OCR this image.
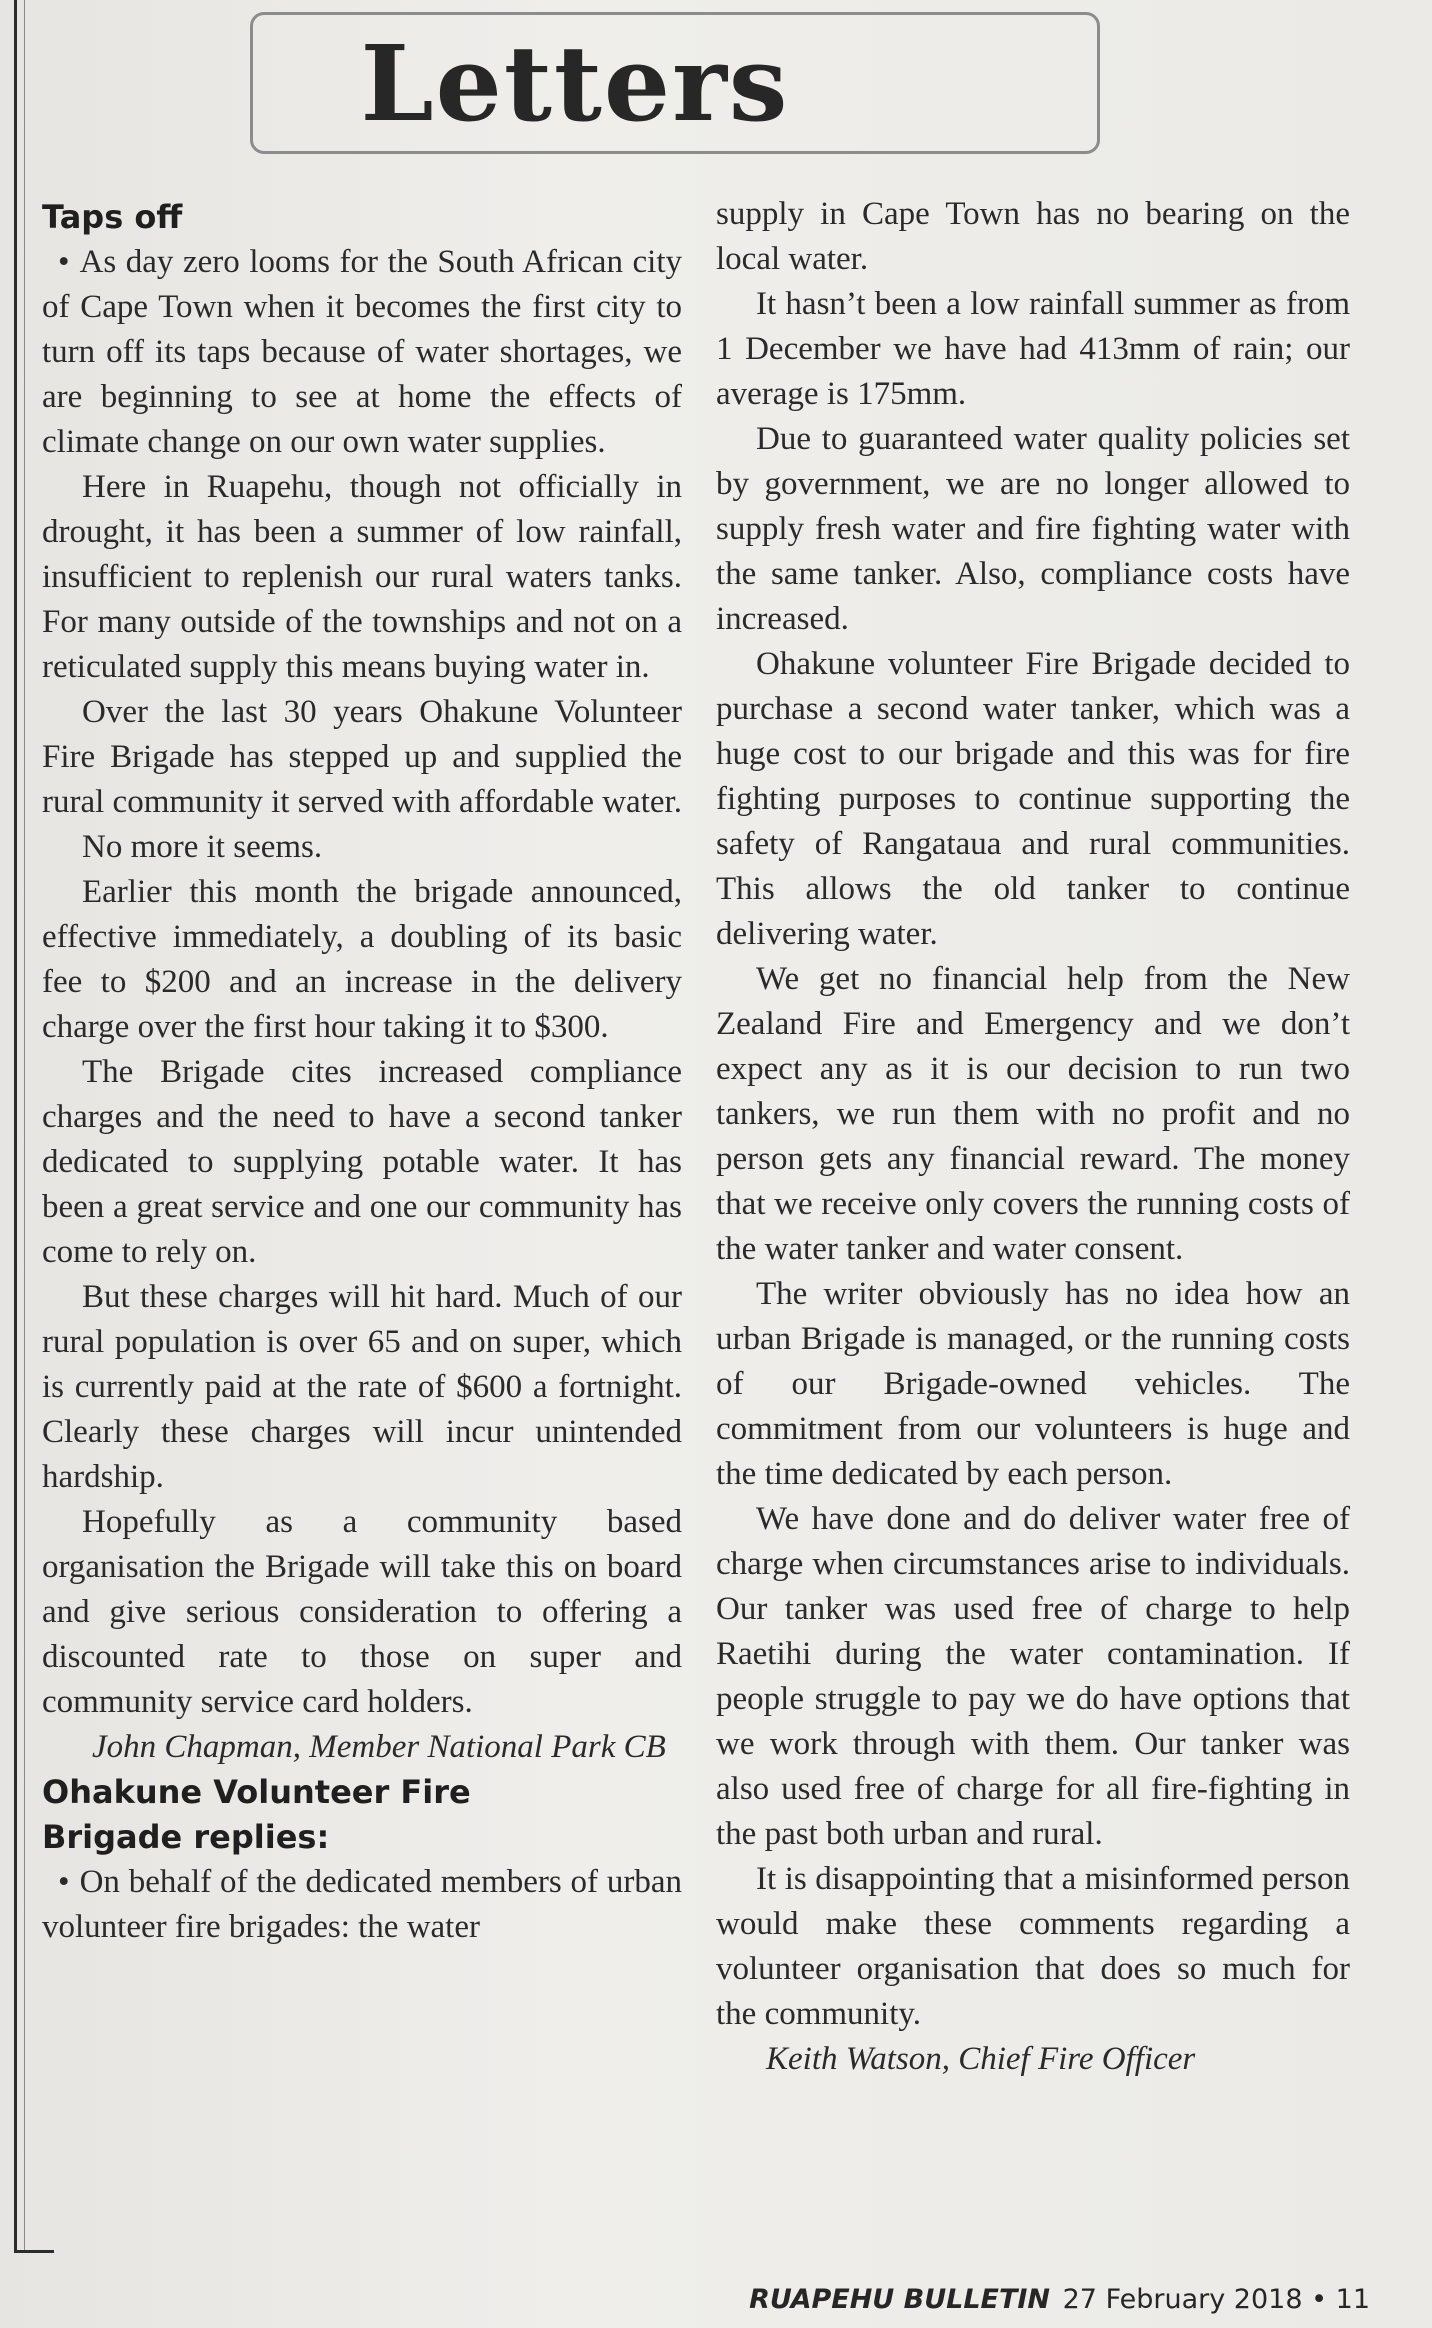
Letters
Taps off

• As day zero looms for the South African city of Cape Town when it becomes the first city to turn off its taps because of water shortages, we are beginning to see at home the effects of climate change on our own water supplies.

Here in Ruapehu, though not officially in drought, it has been a summer of low rainfall, insufficient to replenish our rural waters tanks. For many outside of the townships and not on a reticulated supply this means buying water in.

Over the last 30 years Ohakune Volunteer Fire Brigade has stepped up and supplied the rural community it served with affordable water.

No more it seems.

Earlier this month the brigade announced, effective immediately, a doubling of its basic fee to $200 and an increase in the delivery charge over the first hour taking it to $300.

The Brigade cites increased compliance charges and the need to have a second tanker dedicated to supplying potable water. It has been a great service and one our community has come to rely on.

But these charges will hit hard. Much of our rural population is over 65 and on super, which is currently paid at the rate of $600 a fortnight. Clearly these charges will incur unintended hardship.

Hopefully as a community based organisation the Brigade will take this on board and give serious consideration to offering a discounted rate to those on super and community service card holders.

John Chapman, Member National Park CB

Ohakune Volunteer Fire
Brigade replies:

• On behalf of the dedicated members of urban volunteer fire brigades: the water

supply in Cape Town has no bearing on the local water.

It hasn’t been a low rainfall summer as from 1 December we have had 413mm of rain; our average is 175mm.

Due to guaranteed water quality policies set by government, we are no longer allowed to supply fresh water and fire fighting water with the same tanker. Also, compliance costs have increased.

Ohakune volunteer Fire Brigade decided to purchase a second water tanker, which was a huge cost to our brigade and this was for fire fighting purposes to continue supporting the safety of Rangataua and rural communities. This allows the old tanker to continue delivering water.

We get no financial help from the New Zealand Fire and Emergency and we don’t expect any as it is our decision to run two tankers, we run them with no profit and no person gets any financial reward. The money that we receive only covers the running costs of the water tanker and water consent.

The writer obviously has no idea how an urban Brigade is managed, or the running costs of our Brigade-owned vehicles. The commitment from our volunteers is huge and the time dedicated by each person.

We have done and do deliver water free of charge when circumstances arise to individuals. Our tanker was used free of charge to help Raetihi during the water contamination. If people struggle to pay we do have options that we work through with them. Our tanker was also used free of charge for all fire-fighting in the past both urban and rural.

It is disappointing that a misinformed person would make these comments regarding a volunteer organisation that does so much for the community.

Keith Watson, Chief Fire Officer

RUAPEHU BULLETIN 27 February 2018 • 11
